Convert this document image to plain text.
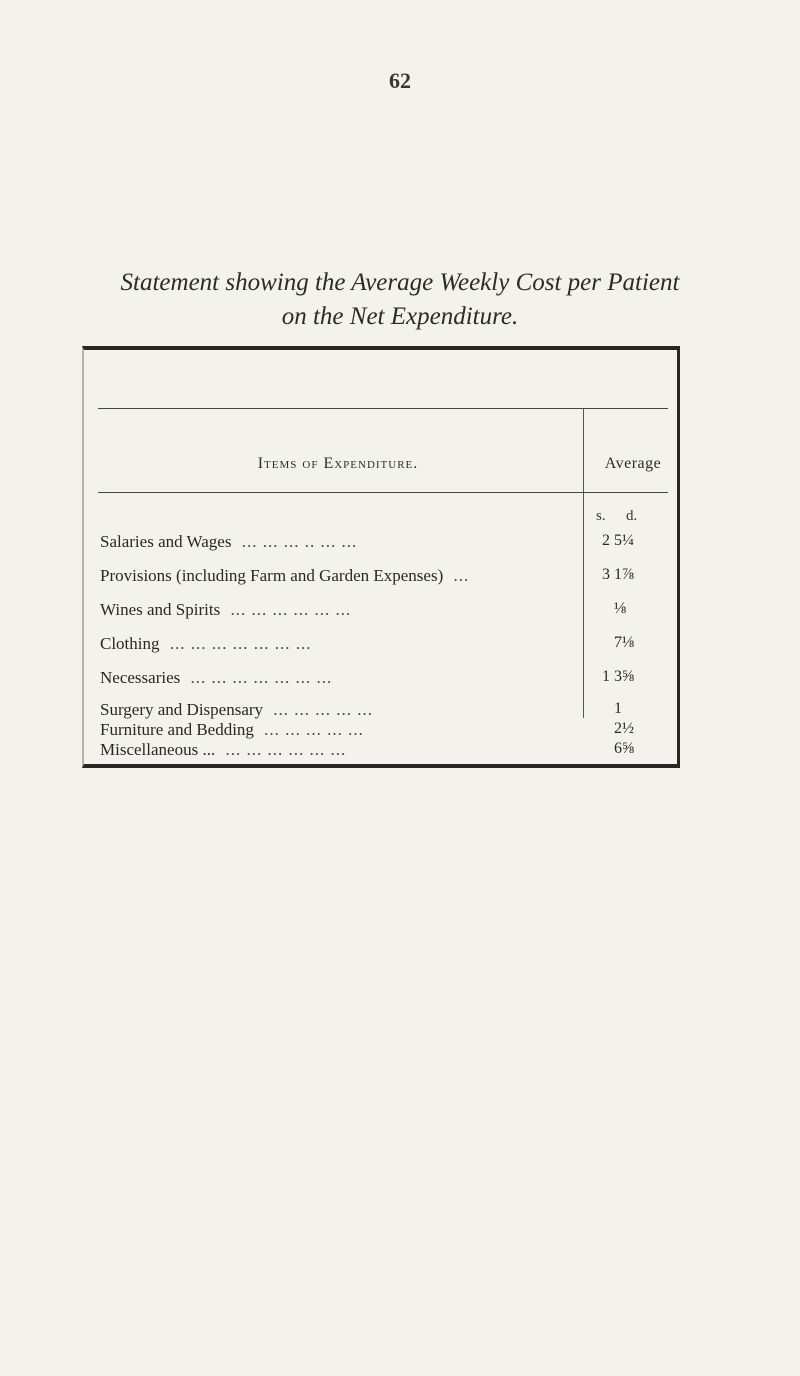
62
Statement showing the Average Weekly Cost per Patient
on the Net Expenditure.
Items of Expenditure.	Average
s. d.
Salaries and Wages ... ... ... .. ... ...	2 5¼
Provisions (including Farm and Garden Expenses) ...	3 1⅞
Wines and Spirits ... ... ... ... ... ...	⅛
Clothing ... ... ... ... ... ... ...	7⅛
Necessaries ... ... ... ... ... ... ...	1 3⅝
Surgery and Dispensary ... ... ... ... ...	1
Furniture and Bedding ... ... ... ... ...	2½
Miscellaneous ... ... ... ... ... ... ...	6⅝
